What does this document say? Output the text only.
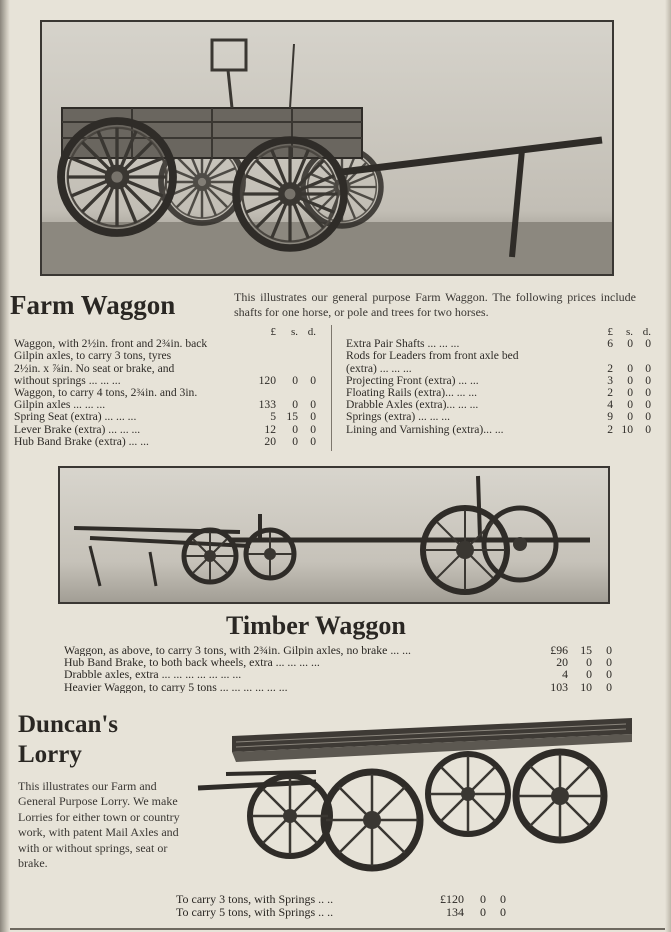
Farm Waggon	This illustrates our general purpose Farm Waggon. The following prices include shafts for one horse, or pole and trees for two horses.
£	s. d.
Waggon, with 2½in. front and 2¾in. back
Gilpin axles, to carry 3 tons, tyres
2½in. x ⅞in. No seat or brake, and
without springs ... ... ...	120	0	0
Waggon, to carry 4 tons, 2¾in. and 3in.
Gilpin axles ... ... ...	133	0	0
Spring Seat (extra) ... ... ...	5 15	0
Lever Brake (extra) ... ... ...	12	0	0
Hub Band Brake (extra) ... ...	20	0	0
£	s. d.
Extra Pair Shafts ... ... ...	6	0	0
Rods for Leaders from front axle bed
(extra) ... ... ...	2	0	0
Projecting Front (extra) ... ...	3	0	0
Floating Rails (extra)... ... ...	2	0	0
Drabble Axles (extra)... ... ...	4	0	0
Springs (extra) ... ... ...	9	0	0
Lining and Varnishing (extra)... ...	2 10	0
Timber Waggon
Waggon, as above, to carry 3 tons, with 2¾in. Gilpin axles, no brake ... ...	£96	15	0
Hub Band Brake, to both back wheels, extra ... ... ... ...	20	0	0
Drabble axles, extra ... ... ... ... ... ... ...	4	0	0
Heavier Waggon, to carry 5 tons ... ... ... ... ... ...	103	10	0
Duncan's
Lorry
This illustrates our Farm and General Purpose Lorry. We make Lorries for either town or country work, with patent Mail Axles and with or without springs, seat or brake.
To carry 3 tons, with Springs .. ..	£120	0	0
To carry 5 tons, with Springs .. ..	134	0	0
